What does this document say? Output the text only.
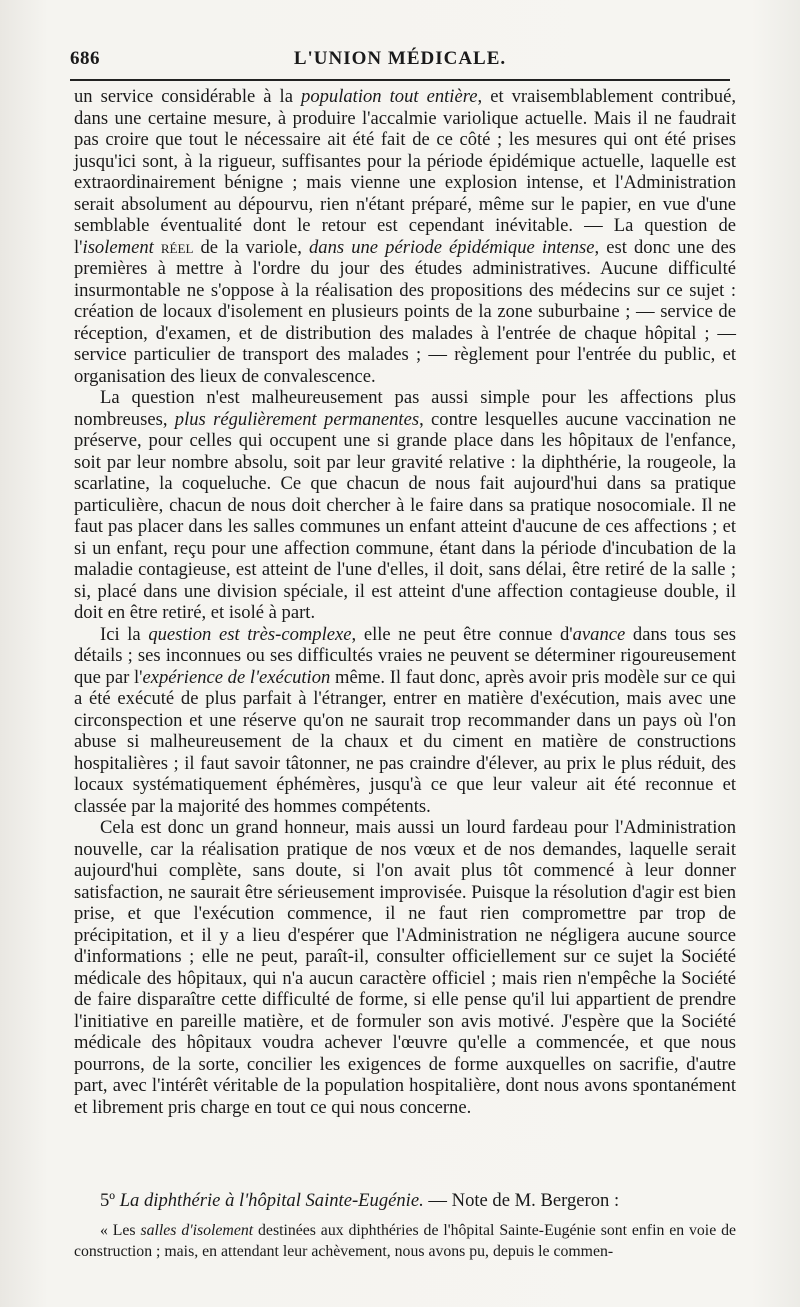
686	L'UNION MÉDICALE.

un service considérable à la population tout entière, et vraisemblablement contribué, dans une certaine mesure, à produire l'accalmie variolique actuelle. Mais il ne faudrait pas croire que tout le nécessaire ait été fait de ce côté ; les mesures qui ont été prises jusqu'ici sont, à la rigueur, suffisantes pour la période épidémique actuelle, laquelle est extraordinairement bénigne ; mais vienne une explosion intense, et l'Administration serait absolument au dépourvu, rien n'étant préparé, même sur le papier, en vue d'une semblable éventualité dont le retour est cependant inévitable. — La question de l'isolement réel de la variole, dans une période épidémique intense, est donc une des premières à mettre à l'ordre du jour des études administratives. Aucune difficulté insurmontable ne s'oppose à la réalisation des propositions des médecins sur ce sujet : création de locaux d'isolement en plusieurs points de la zone suburbaine ; — service de réception, d'examen, et de distribution des malades à l'entrée de chaque hôpital ; — service particulier de transport des malades ; — règlement pour l'entrée du public, et organisation des lieux de convalescence.

La question n'est malheureusement pas aussi simple pour les affections plus nombreuses, plus régulièrement permanentes, contre lesquelles aucune vaccination ne préserve, pour celles qui occupent une si grande place dans les hôpitaux de l'enfance, soit par leur nombre absolu, soit par leur gravité relative : la diphthérie, la rougeole, la scarlatine, la coqueluche. Ce que chacun de nous fait aujourd'hui dans sa pratique particulière, chacun de nous doit chercher à le faire dans sa pratique nosocomiale. Il ne faut pas placer dans les salles communes un enfant atteint d'aucune de ces affections ; et si un enfant, reçu pour une affection commune, étant dans la période d'incubation de la maladie contagieuse, est atteint de l'une d'elles, il doit, sans délai, être retiré de la salle ; si, placé dans une division spéciale, il est atteint d'une affection contagieuse double, il doit en être retiré, et isolé à part.

Ici la question est très-complexe, elle ne peut être connue d'avance dans tous ses détails ; ses inconnues ou ses difficultés vraies ne peuvent se déterminer rigoureusement que par l'expérience de l'exécution même. Il faut donc, après avoir pris modèle sur ce qui a été exécuté de plus parfait à l'étranger, entrer en matière d'exécution, mais avec une circonspection et une réserve qu'on ne saurait trop recommander dans un pays où l'on abuse si malheureusement de la chaux et du ciment en matière de constructions hospitalières ; il faut savoir tâtonner, ne pas craindre d'élever, au prix le plus réduit, des locaux systématiquement éphémères, jusqu'à ce que leur valeur ait été reconnue et classée par la majorité des hommes compétents.

Cela est donc un grand honneur, mais aussi un lourd fardeau pour l'Administration nouvelle, car la réalisation pratique de nos vœux et de nos demandes, laquelle serait aujourd'hui complète, sans doute, si l'on avait plus tôt commencé à leur donner satisfaction, ne saurait être sérieusement improvisée. Puisque la résolution d'agir est bien prise, et que l'exécution commence, il ne faut rien compromettre par trop de précipitation, et il y a lieu d'espérer que l'Administration ne négligera aucune source d'informations ; elle ne peut, paraît-il, consulter officiellement sur ce sujet la Société médicale des hôpitaux, qui n'a aucun caractère officiel ; mais rien n'empêche la Société de faire disparaître cette difficulté de forme, si elle pense qu'il lui appartient de prendre l'initiative en pareille matière, et de formuler son avis motivé. J'espère que la Société médicale des hôpitaux voudra achever l'œuvre qu'elle a commencée, et que nous pourrons, de la sorte, concilier les exigences de forme auxquelles on sacrifie, d'autre part, avec l'intérêt véritable de la population hospitalière, dont nous avons spontanément et librement pris charge en tout ce qui nous concerne.

5º La diphthérie à l'hôpital Sainte-Eugénie. — Note de M. Bergeron :
« Les salles d'isolement destinées aux diphthéries de l'hôpital Sainte-Eugénie sont enfin en voie de construction ; mais, en attendant leur achèvement, nous avons pu, depuis le commen-
